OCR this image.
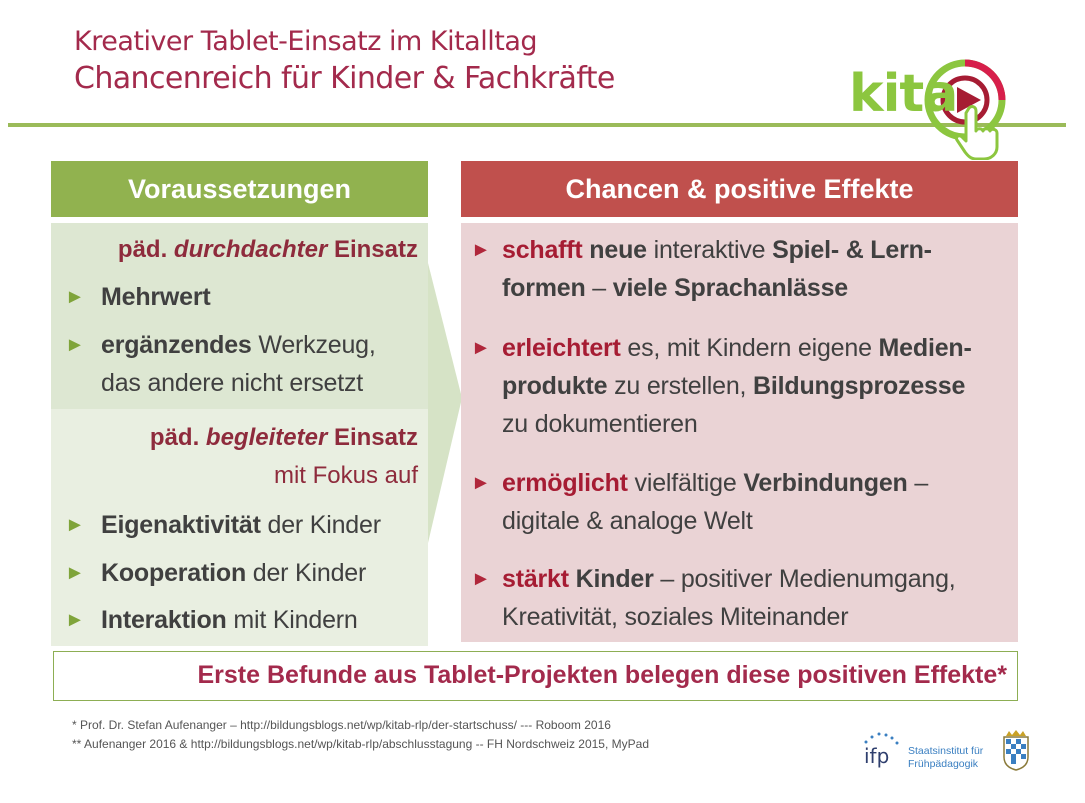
Kreativer Tablet-Einsatz im Kitalltag
Chancenreich für Kinder & Fachkräfte	kita
Voraussetzungen	Chancen & positive Effekte
päd. durchdachter Einsatz
► Mehrwert
► ergänzendes Werkzeug,
das andere nicht ersetzt
päd. begleiteter Einsatz
mit Fokus auf
► Eigenaktivität der Kinder
► Kooperation der Kinder
► Interaktion mit Kindern
► schafft neue interaktive Spiel- & Lern-
formen – viele Sprachanlässe
► erleichtert es, mit Kindern eigene Medien-
produkte zu erstellen, Bildungsprozesse
zu dokumentieren
► ermöglicht vielfältige Verbindungen –
digitale & analoge Welt
► stärkt Kinder – positiver Medienumgang,
Kreativität, soziales Miteinander
Erste Befunde aus Tablet-Projekten belegen diese positiven Effekte*
* Prof. Dr. Stefan Aufenanger – http://bildungsblogs.net/wp/kitab-rlp/der-startschuss/ --- Roboom 2016
** Aufenanger 2016 & http://bildungsblogs.net/wp/kitab-rlp/abschlusstagung -- FH Nordschweiz 2015, MyPad	ifp Staatsinstitut für
Frühpädagogik
